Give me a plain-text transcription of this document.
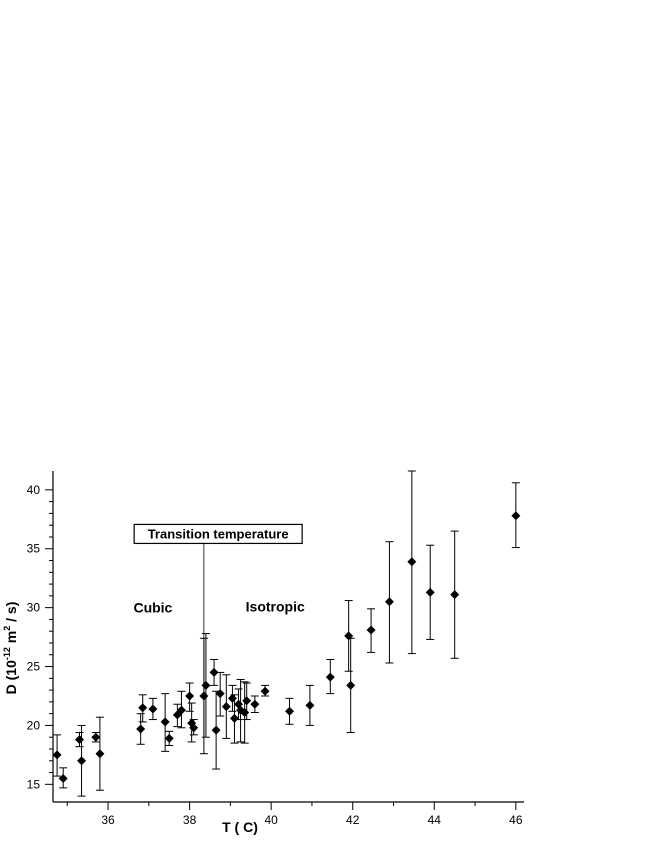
36	38	40	42	44	46
15
20
25
30
35
40
T ( C)
D ($10^{-12}$ $m^2 / s$)
Transition temperature
Cubic	Isotropic
